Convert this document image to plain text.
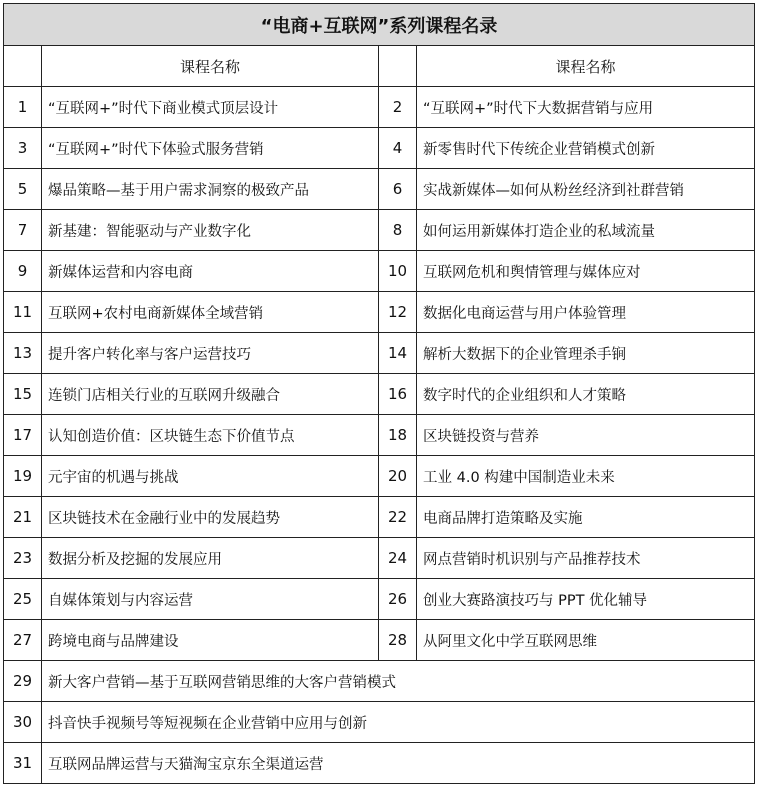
“电商+互联网”系列课程名录			
	课程名称		课程名称
1	“互联网+”时代下商业模式顶层设计	2	“互联网+”时代下大数据营销与应用
3	“互联网+”时代下体验式服务营销	4	新零售时代下传统企业营销模式创新
5	爆品策略—基于用户需求洞察的极致产品	6	实战新媒体—如何从粉丝经济到社群营销
7	新基建：智能驱动与产业数字化	8	如何运用新媒体打造企业的私域流量
9	新媒体运营和内容电商	10	互联网危机和舆情管理与媒体应对
11	互联网+农村电商新媒体全域营销	12	数据化电商运营与用户体验管理
13	提升客户转化率与客户运营技巧	14	解析大数据下的企业管理杀手锏
15	连锁门店相关行业的互联网升级融合	16	数字时代的企业组织和人才策略
17	认知创造价值：区块链生态下价值节点	18	区块链投资与营养
19	元宇宙的机遇与挑战	20	工业 4.0 构建中国制造业未来
21	区块链技术在金融行业中的发展趋势	22	电商品牌打造策略及实施
23	数据分析及挖掘的发展应用	24	网点营销时机识别与产品推荐技术
25	自媒体策划与内容运营	26	创业大赛路演技巧与 PPT 优化辅导
27	跨境电商与品牌建设	28	从阿里文化中学互联网思维
29	新大客户营销—基于互联网营销思维的大客户营销模式		
30	抖音快手视频号等短视频在企业营销中应用与创新		
31	互联网品牌运营与天猫淘宝京东全渠道运营		
